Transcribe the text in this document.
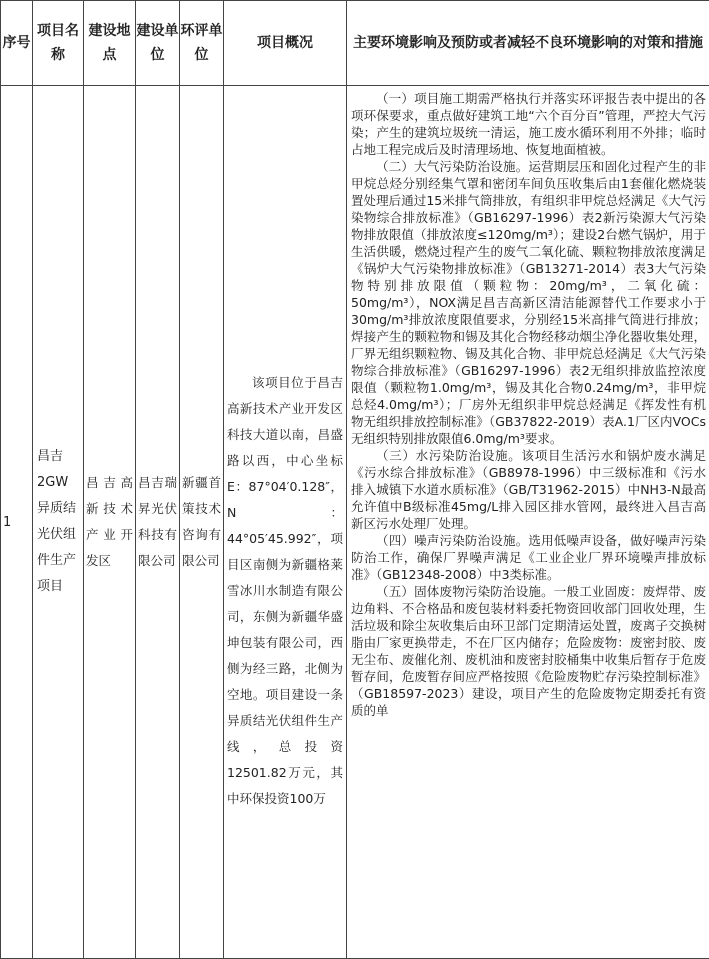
序号	项目名称	建设地点	建设单位	环评单位	项目概况	主要环境影响及预防或者减轻不良环境影响的对策和措施
1	昌吉2GW异质结光伏组件生产项目	昌吉高新技术产业开发区	昌吉瑞昇光伏科技有限公司	新疆首策技术咨询有限公司	该项目位于昌吉高新技术产业开发区科技大道以南，昌盛路以西，中心坐标E：87°04′0.128″，N：44°05′45.992″，项目区南侧为新疆格莱雪冰川水制造有限公司，东侧为新疆华盛坤包装有限公司，西侧为经三路，北侧为空地。项目建设一条异质结光伏组件生产线，总投资12501.82万元，其中环保投资100万	（一）项目施工期需严格执行并落实环评报告表中提出的各项环保要求，重点做好建筑工地“六个百分百”管理，严控大气污染；产生的建筑垃圾统一清运，施工废水循环利用不外排；临时占地工程完成后及时清理场地、恢复地面植被。

（二）大气污染防治设施。运营期层压和固化过程产生的非甲烷总烃分别经集气罩和密闭车间负压收集后由1套催化燃烧装置处理后通过15米排气筒排放，有组织非甲烷总烃满足《大气污染物综合排放标准》（GB16297-1996）表2新污染源大气污染物排放限值（排放浓度≤120mg/m³）；建设2台燃气锅炉，用于生活供暖，燃烧过程产生的废气二氧化硫、颗粒物排放浓度满足《锅炉大气污染物排放标准》（GB13271-2014）表3大气污染物特别排放限值（颗粒物：20mg/m³，二氧化硫：50mg/m³），NOX满足昌吉高新区清洁能源替代工作要求小于30mg/m³排放浓度限值要求，分别经15米高排气筒进行排放；焊接产生的颗粒物和锡及其化合物经移动烟尘净化器收集处理，厂界无组织颗粒物、锡及其化合物、非甲烷总烃满足《大气污染物综合排放标准》（GB16297-1996）表2无组织排放监控浓度限值（颗粒物1.0mg/m³，锡及其化合物0.24mg/m³，非甲烷总烃4.0mg/m³）；厂房外无组织非甲烷总烃满足《挥发性有机物无组织排放控制标准》（GB37822-2019）表A.1厂区内VOCs无组织特别排放限值6.0mg/m³要求。

（三）水污染防治设施。该项目生活污水和锅炉废水满足《污水综合排放标准》（GB8978-1996）中三级标准和《污水排入城镇下水道水质标准》（GB/T31962-2015）中NH3-N最高允许值中B级标准45mg/L排入园区排水管网，最终进入昌吉高新区污水处理厂处理。

（四）噪声污染防治设施。选用低噪声设备，做好噪声污染防治工作，确保厂界噪声满足《工业企业厂界环境噪声排放标准》（GB12348-2008）中3类标准。

（五）固体废物污染防治设施。一般工业固废：废焊带、废边角料、不合格品和废包装材料委托物资回收部门回收处理，生活垃圾和除尘灰收集后由环卫部门定期清运处置，废离子交换树脂由厂家更换带走，不在厂区内储存；危险废物：废密封胶、废无尘布、废催化剂、废机油和废密封胶桶集中收集后暂存于危废暂存间，危废暂存间应严格按照《危险废物贮存污染控制标准》（GB18597-2023）建设，项目产生的危险废物定期委托有资质的单
